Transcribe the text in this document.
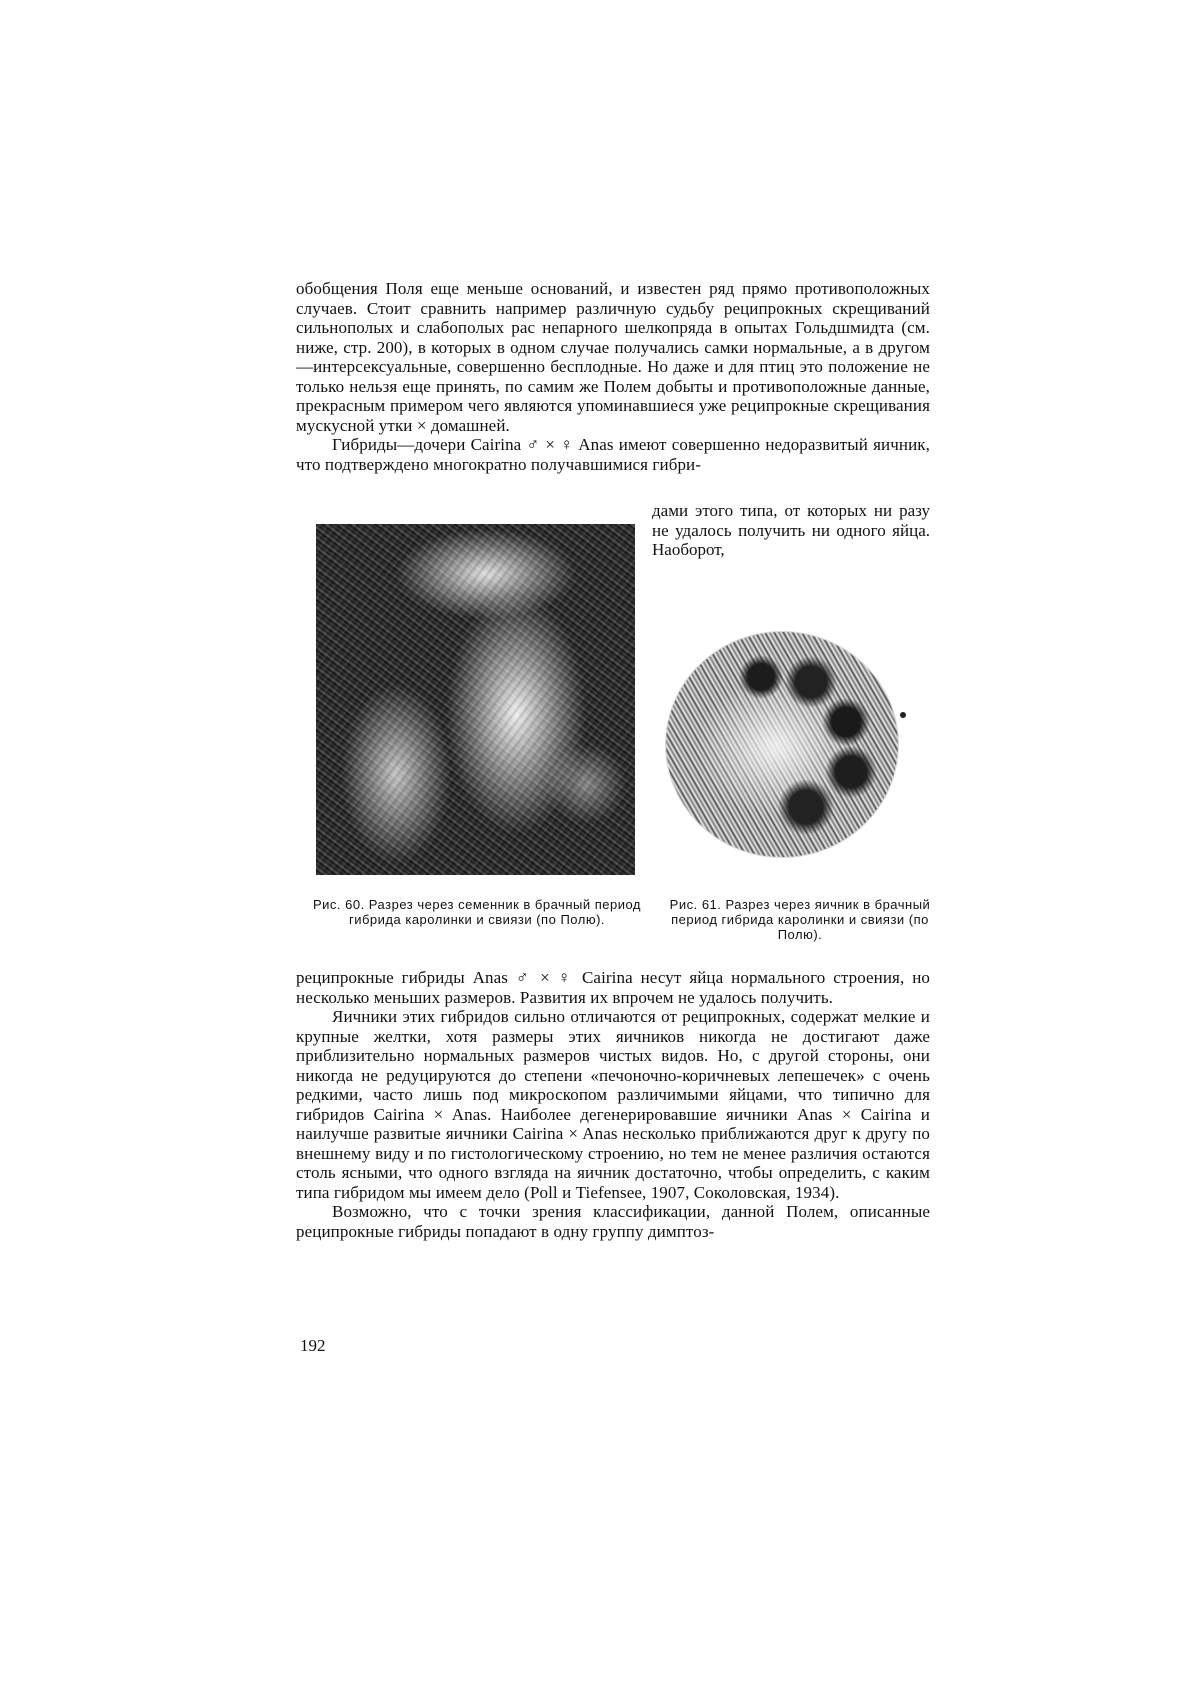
обобщения Поля еще меньше оснований, и известен ряд прямо противоположных случаев. Стоит сравнить например различную судьбу реципрокных скрещиваний сильнополых и слабополых рас непарного шелкопряда в опытах Гольдшмидта (см. ниже, стр. 200), в которых в одном случае получались самки нормальные, а в другом—интерсексуальные, совершенно бесплодные. Но даже и для птиц это положение не только нельзя еще принять, по самим же Полем добыты и противоположные данные, прекрасным примером чего являются упоминавшиеся уже реципрокные скрещивания мускусной утки × домашней.

Гибриды—дочери Cairina ♂ × ♀ Anas имеют совершенно недоразвитый яичник, что подтверждено многократно получавшимися гибри-

дами этого типа, от которых ни разу не удалось получить ни одного яйца. Наоборот,

Рис. 60. Разрез через семенник в брачный период гибрида каролинки и свиязи (по Полю).
Рис. 61. Разрез через яичник в брачный период гибрида каролинки и свиязи (по Полю).

реципрокные гибриды Anas ♂ × ♀ Cairina несут яйца нормального строения, но несколько меньших размеров. Развития их впрочем не удалось получить.

Яичники этих гибридов сильно отличаются от реципрокных, содержат мелкие и крупные желтки, хотя размеры этих яичников никогда не достигают даже приблизительно нормальных размеров чистых видов. Но, с другой стороны, они никогда не редуцируются до степени «печоночно-коричневых лепешечек» с очень редкими, часто лишь под микроскопом различимыми яйцами, что типично для гибридов Cairina × Anas. Наиболее дегенерировавшие яичники Anas × Cairina и наилучше развитые яичники Cairina × Anas несколько приближаются друг к другу по внешнему виду и по гистологическому строению, но тем не менее различия остаются столь ясными, что одного взгляда на яичник достаточно, чтобы определить, с каким типа гибридом мы имеем дело (Poll и Tiefensee, 1907, Соколовская, 1934).

Возможно, что с точки зрения классификации, данной Полем, описанные реципрокные гибриды попадают в одну группу димптоз-

192
